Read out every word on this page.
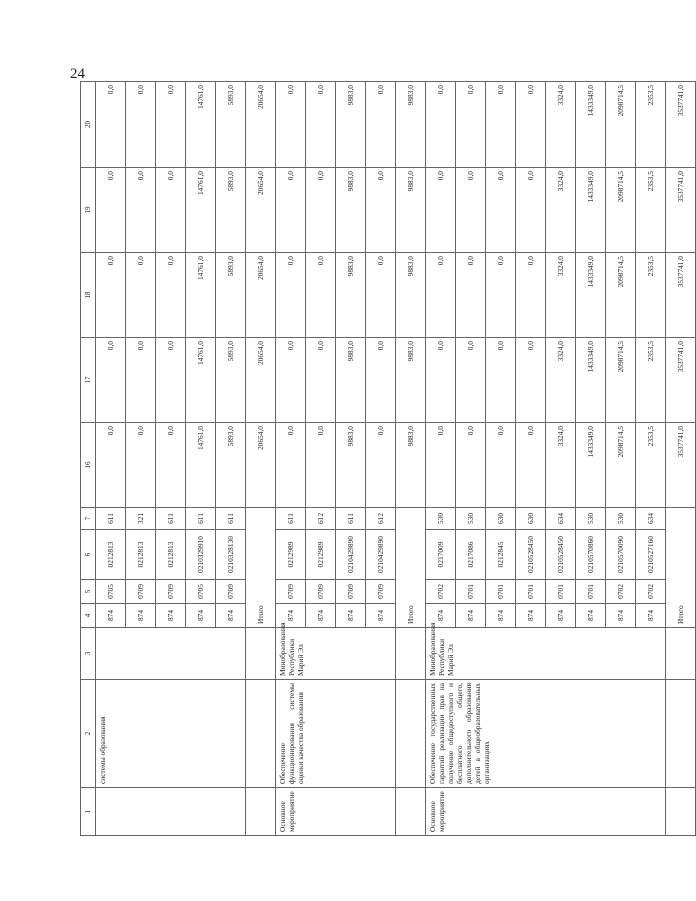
24
1	2	3	4	5	6	7	16	17	18	19	20
	системы образования		874	0705	0212813	611	0,0	0,0	0,0	0,0	0,0
			874	0709	0212813	321	0,0	0,0	0,0	0,0	0,0
			874	0709	0212813	611	0,0	0,0	0,0	0,0	0,0
			874	0705	0210329910	611	14761,0	14761,0	14761,0	14761,0	14761,0
			874	0709	0210328130	611	5893,0	5893,0	5893,0	5893,0	5893,0
			Итого				20654,0	20654,0	20654,0	20654,0	20654,0
Основное мероприятие	Обеспечение функционирования системы оценки качества образования	Минобразования Республики Марий Эл	874	0709	0212989	611	0,0	0,0	0,0	0,0	0,0
			874	0709	0212989	612	0,0	0,0	0,0	0,0	0,0
			874	0709	0210429890	611	9883,0	9883,0	9883,0	9883,0	9883,0
			874	0709	0210429890	612	0,0	0,0	0,0	0,0	0,0
			Итого				9883,0	9883,0	9883,0	9883,0	9883,0
Основное мероприятие	Обеспечение государственных гарантий реализации прав на получение общедоступного и бесплатного общего, дополнительного образования детей в общеобразовательных организациях	Минобразования Республики Марий Эл	874	0702	0217009	530	0,0	0,0	0,0	0,0	0,0
			874	0701	0217086	530	0,0	0,0	0,0	0,0	0,0
			874	0701	0212845	630	0,0	0,0	0,0	0,0	0,0
			874	0701	0210528450	630	0,0	0,0	0,0	0,0	0,0
			874	0701	0210528450	634	3324,0	3324,0	3324,0	3324,0	3324,0
			874	0701	0210570860	530	1433349,0	1433349,0	1433349,0	1433349,0	1433349,0
			874	0702	0210570090	530	2098714,5	2098714,5	2098714,5	2098714,5	2098714,5
			874	0702	0210527160	634	2353,5	2353,5	2353,5	2353,5	2353,5
			Итого				3537741,0	3537741,0	3537741,0	3537741,0	3537741,0
